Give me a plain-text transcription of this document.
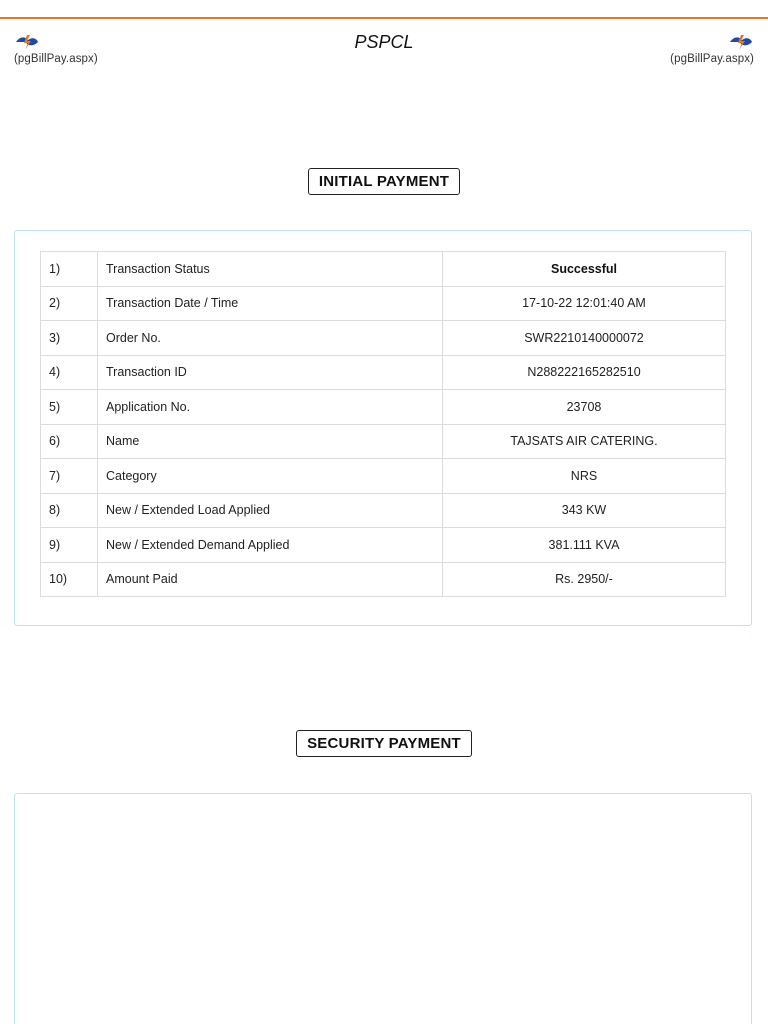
(pgBillPay.aspx)
PSPCL
(pgBillPay.aspx)
INITIAL PAYMENT
1)	Transaction Status	Successful
2)	Transaction Date / Time	17-10-22 12:01:40 AM
3)	Order No.	SWR2210140000072
4)	Transaction ID	N288222165282510
5)	Application No.	23708
6)	Name	TAJSATS AIR CATERING.
7)	Category	NRS
8)	New / Extended Load Applied	343 KW
9)	New / Extended Demand Applied	381.111 KVA
10)	Amount Paid	Rs. 2950/-
SECURITY PAYMENT
